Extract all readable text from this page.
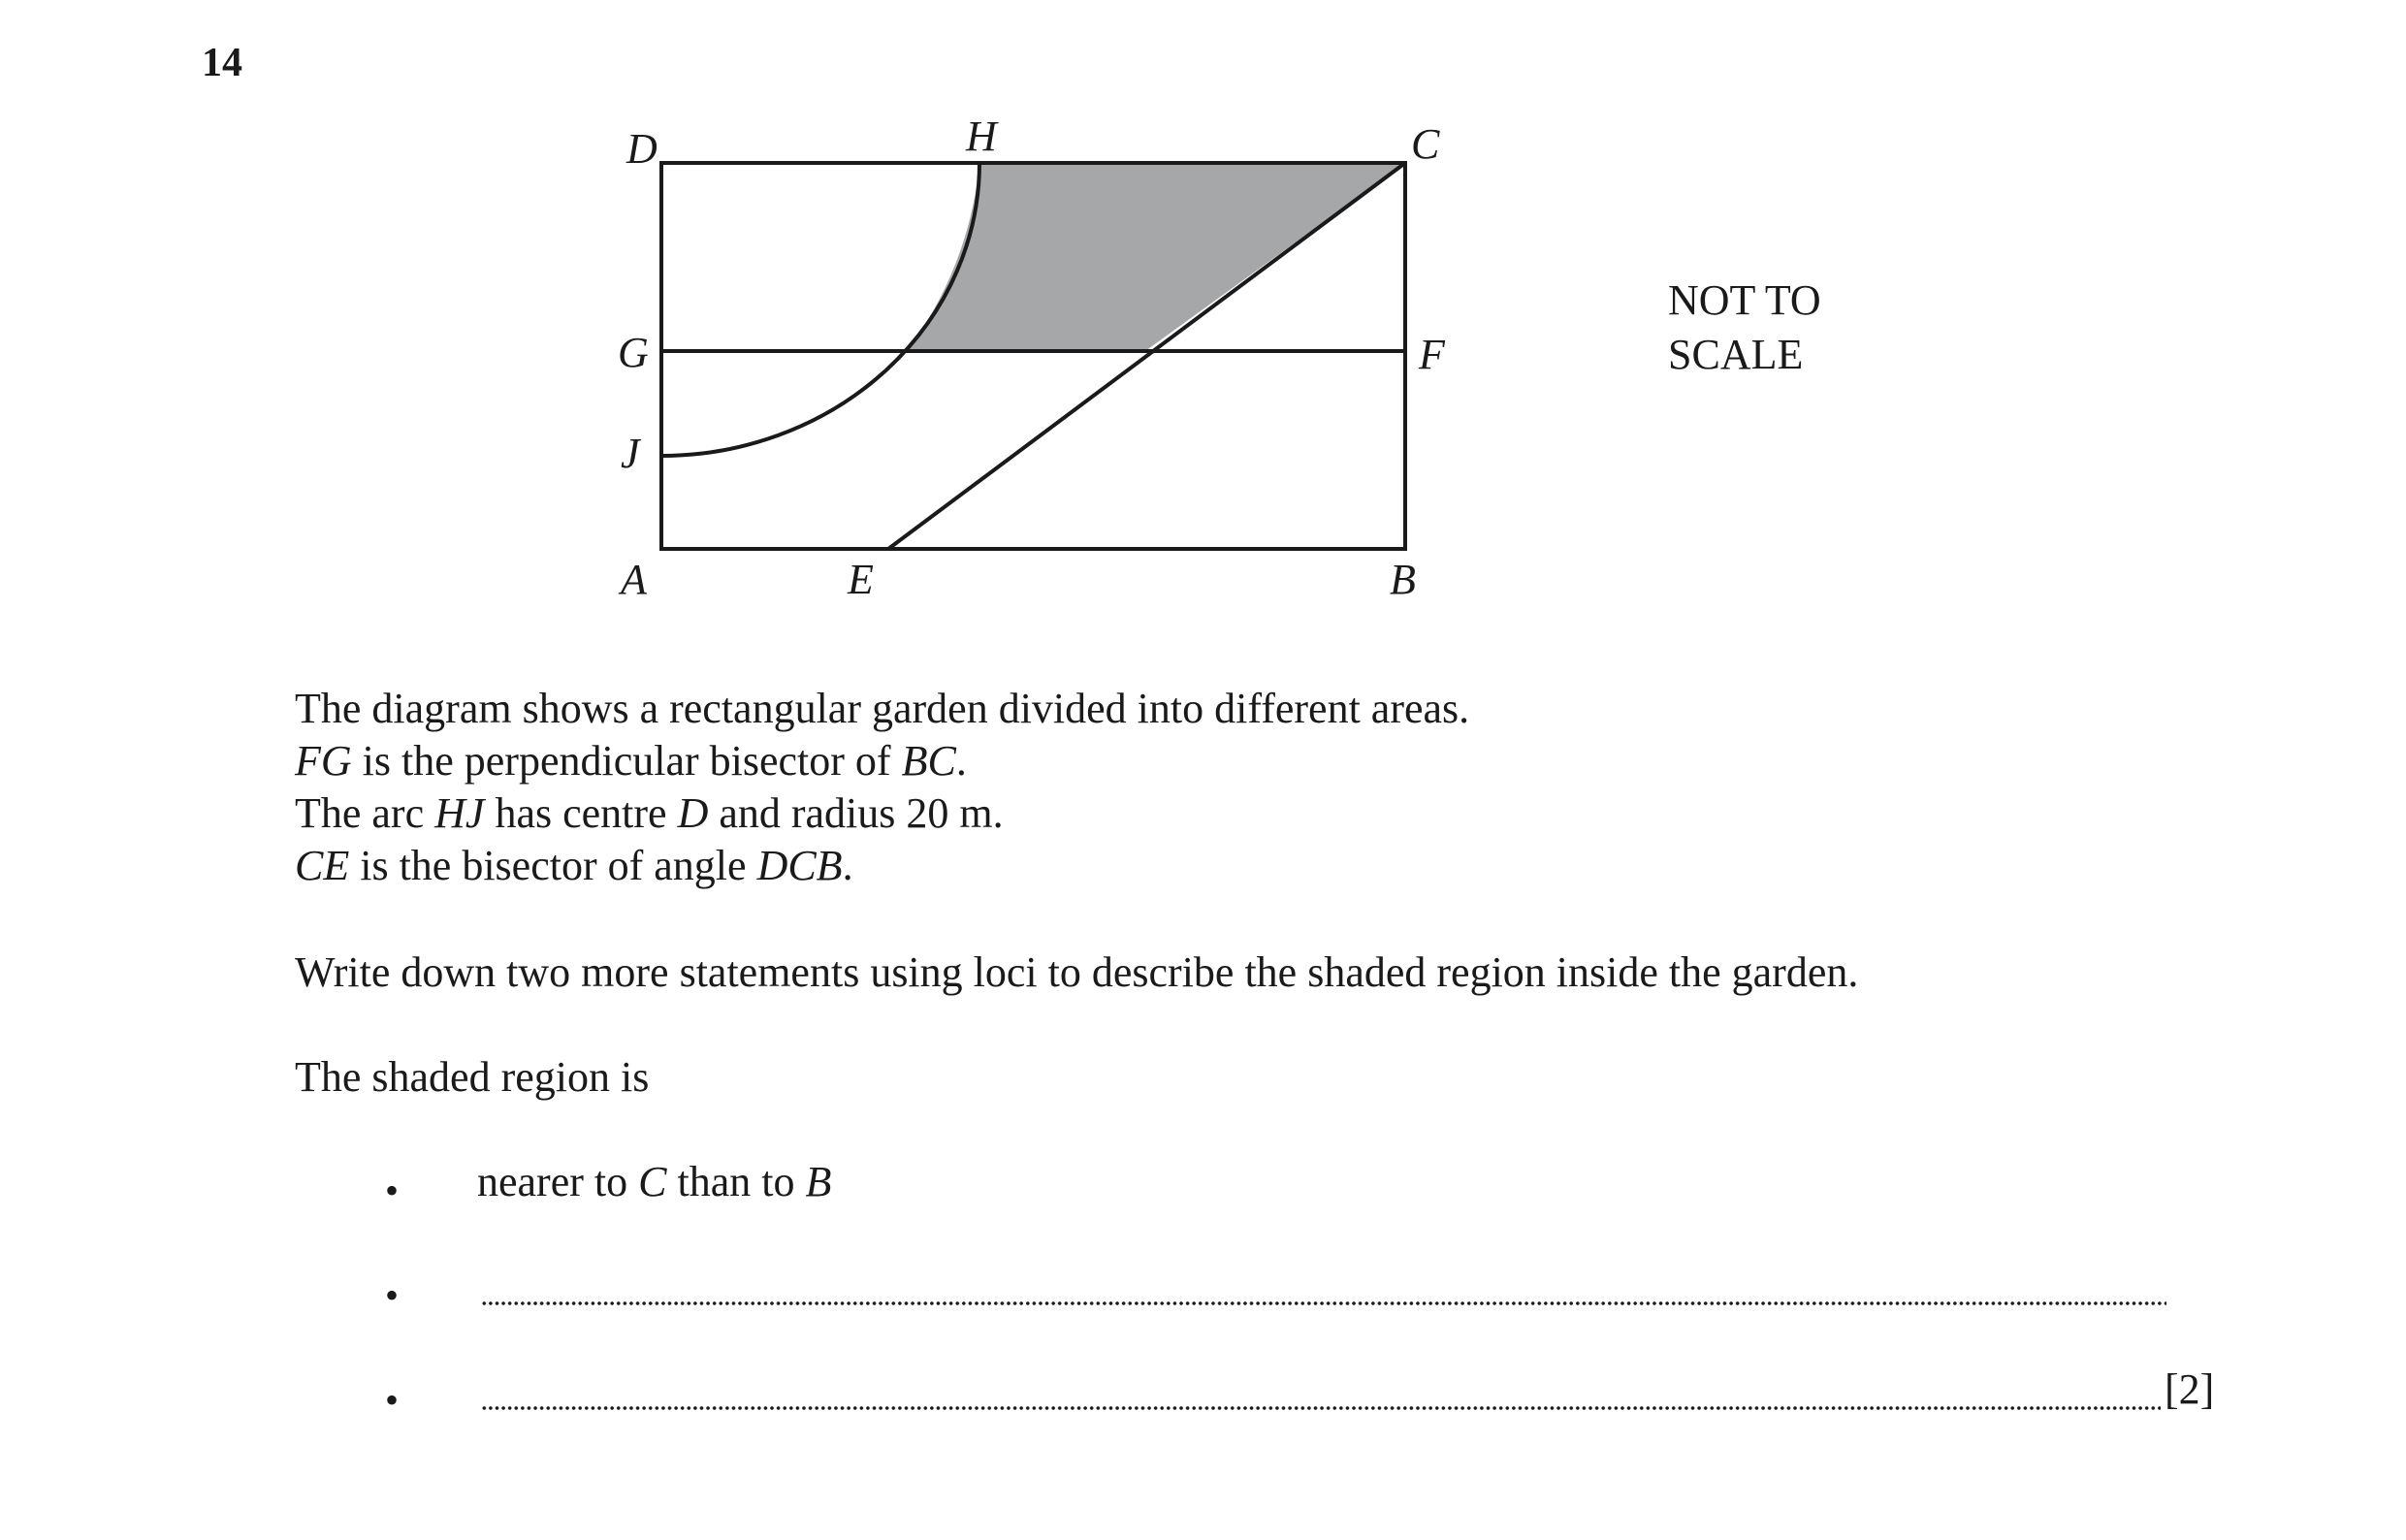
14
D	H	C
G	F
J
A	E	B
NOT TO
SCALE
The diagram shows a rectangular garden divided into different areas.
FG is the perpendicular bisector of BC.
The arc HJ has centre D and radius 20 m.
CE is the bisector of angle DCB.
Write down two more statements using loci to describe the shaded region inside the garden.
The shaded region is
• nearer to C than to B
•
•	[2]
